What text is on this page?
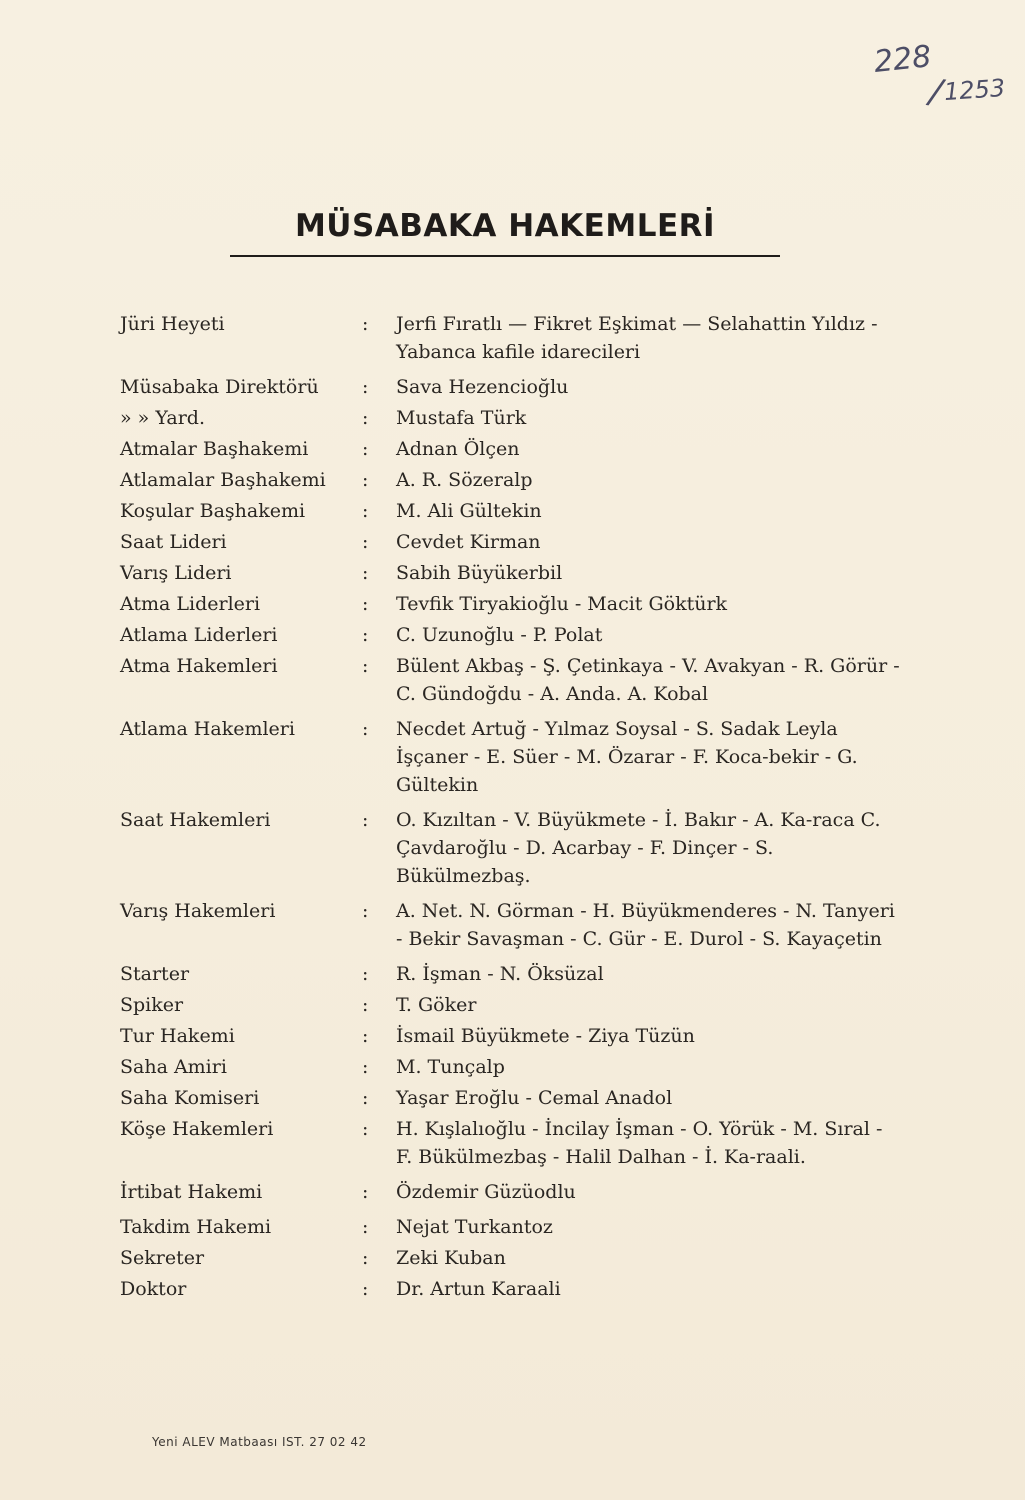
228
/
1253
MÜSABAKA HAKEMLERİ
Jüri Heyeti	:	Jerfi Fıratlı — Fikret Eşkimat — Selahattin Yıldız - Yabanca kafile idarecileri
Müsabaka Direktörü	:	Sava Hezencioğlu
» » Yard.	:	Mustafa Türk
Atmalar Başhakemi	:	Adnan Ölçen
Atlamalar Başhakemi	:	A. R. Sözeralp
Koşular Başhakemi	:	M. Ali Gültekin
Saat Lideri	:	Cevdet Kirman
Varış Lideri	:	Sabih Büyükerbil
Atma Liderleri	:	Tevfik Tiryakioğlu - Macit Göktürk
Atlama Liderleri	:	C. Uzunoğlu - P. Polat
Atma Hakemleri	:	Bülent Akbaş - Ş. Çetinkaya - V. Avakyan - R. Görür - C. Gündoğdu - A. Anda. A. Kobal
Atlama Hakemleri	:	Necdet Artuğ - Yılmaz Soysal - S. Sadak Leyla İşçaner - E. Süer - M. Özarar - F. Koca-bekir - G. Gültekin
Saat Hakemleri	:	O. Kızıltan - V. Büyükmete - İ. Bakır - A. Ka-raca C. Çavdaroğlu - D. Acarbay - F. Dinçer - S. Bükülmezbaş.
Varış Hakemleri	:	A. Net. N. Görman - H. Büyükmenderes - N. Tanyeri - Bekir Savaşman - C. Gür - E. Durol - S. Kayaçetin
Starter	:	R. İşman - N. Öksüzal
Spiker	:	T. Göker
Tur Hakemi	:	İsmail Büyükmete - Ziya Tüzün
Saha Amiri	:	M. Tunçalp
Saha Komiseri	:	Yaşar Eroğlu - Cemal Anadol
Köşe Hakemleri	:	H. Kışlalıoğlu - İncilay İşman - O. Yörük - M. Sıral - F. Bükülmezbaş - Halil Dalhan - İ. Ka-raali.
İrtibat Hakemi	:	Özdemir Güzüodlu
Takdim Hakemi	:	Nejat Turkantoz
Sekreter	:	Zeki Kuban
Doktor	:	Dr. Artun Karaali
Yeni ALEV Matbaası IST. 27 02 42
